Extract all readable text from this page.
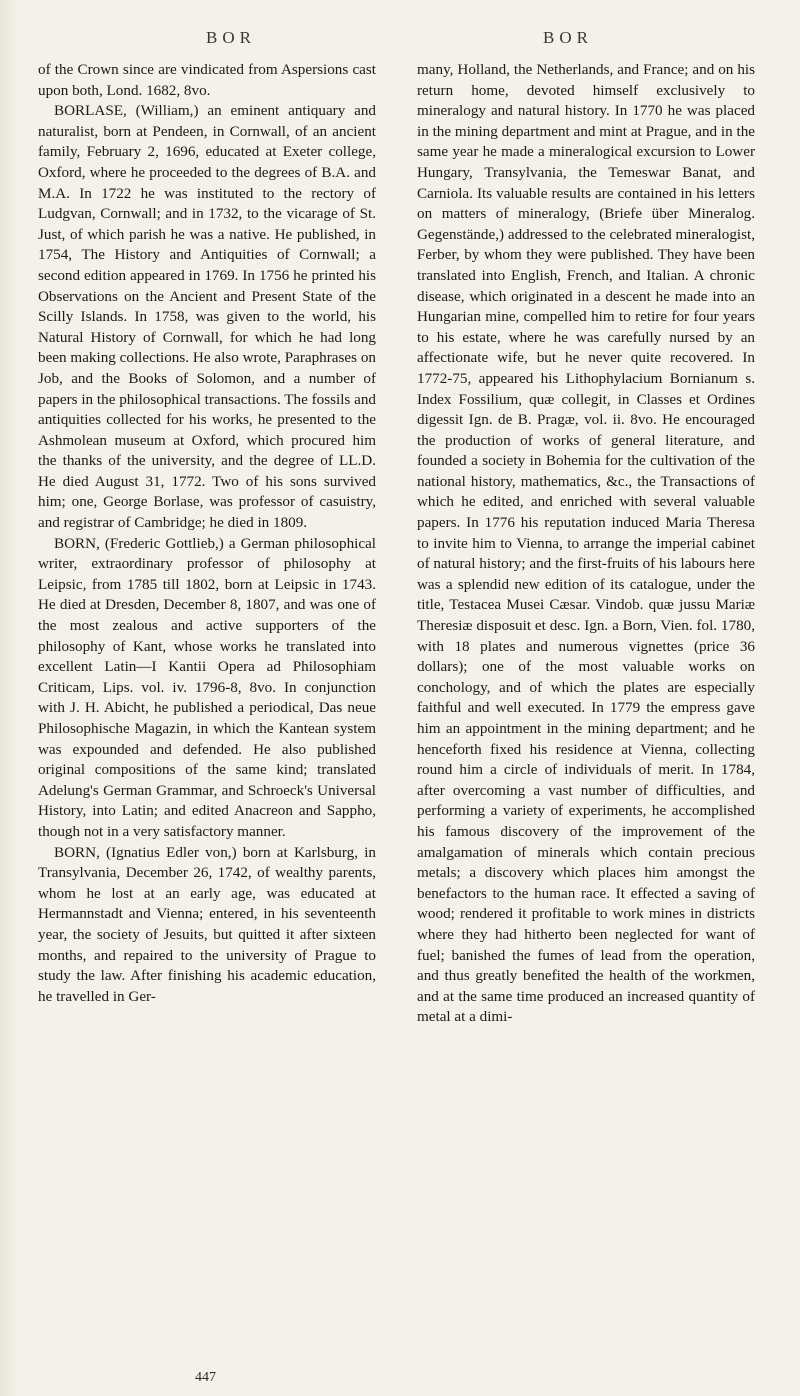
BOR	BOR

of the Crown since are vindicated from Aspersions cast upon both, Lond. 1682, 8vo.

BORLASE, (William,) an eminent antiquary and naturalist, born at Pendeen, in Cornwall, of an ancient family, February 2, 1696, educated at Exeter college, Oxford, where he proceeded to the degrees of B.A. and M.A. In 1722 he was instituted to the rectory of Ludgvan, Cornwall; and in 1732, to the vicarage of St. Just, of which parish he was a native. He published, in 1754, The History and Antiquities of Cornwall; a second edition appeared in 1769. In 1756 he printed his Observations on the Ancient and Present State of the Scilly Islands. In 1758, was given to the world, his Natural History of Cornwall, for which he had long been making collections. He also wrote, Paraphrases on Job, and the Books of Solomon, and a number of papers in the philosophical transactions. The fossils and antiquities collected for his works, he presented to the Ashmolean museum at Oxford, which procured him the thanks of the university, and the degree of LL.D. He died August 31, 1772. Two of his sons survived him; one, George Borlase, was professor of casuistry, and registrar of Cambridge; he died in 1809.

BORN, (Frederic Gottlieb,) a German philosophical writer, extraordinary professor of philosophy at Leipsic, from 1785 till 1802, born at Leipsic in 1743. He died at Dresden, December 8, 1807, and was one of the most zealous and active supporters of the philosophy of Kant, whose works he translated into excellent Latin—I Kantii Opera ad Philosophiam Criticam, Lips. vol. iv. 1796-8, 8vo. In conjunction with J. H. Abicht, he published a periodical, Das neue Philosophische Magazin, in which the Kantean system was expounded and defended. He also published original compositions of the same kind; translated Adelung's German Grammar, and Schroeck's Universal History, into Latin; and edited Anacreon and Sappho, though not in a very satisfactory manner.

BORN, (Ignatius Edler von,) born at Karlsburg, in Transylvania, December 26, 1742, of wealthy parents, whom he lost at an early age, was educated at Hermannstadt and Vienna; entered, in his seventeenth year, the society of Jesuits, but quitted it after sixteen months, and repaired to the university of Prague to study the law. After finishing his academic education, he travelled in Ger-

many, Holland, the Netherlands, and France; and on his return home, devoted himself exclusively to mineralogy and natural history. In 1770 he was placed in the mining department and mint at Prague, and in the same year he made a mineralogical excursion to Lower Hungary, Transylvania, the Temeswar Banat, and Carniola. Its valuable results are contained in his letters on matters of mineralogy, (Briefe über Mineralog. Gegenstände,) addressed to the celebrated mineralogist, Ferber, by whom they were published. They have been translated into English, French, and Italian. A chronic disease, which originated in a descent he made into an Hungarian mine, compelled him to retire for four years to his estate, where he was carefully nursed by an affectionate wife, but he never quite recovered. In 1772-75, appeared his Lithophylacium Bornianum s. Index Fossilium, quæ collegit, in Classes et Ordines digessit Ign. de B. Pragæ, vol. ii. 8vo. He encouraged the production of works of general literature, and founded a society in Bohemia for the cultivation of the national history, mathematics, &c., the Transactions of which he edited, and enriched with several valuable papers. In 1776 his reputation induced Maria Theresa to invite him to Vienna, to arrange the imperial cabinet of natural history; and the first-fruits of his labours here was a splendid new edition of its catalogue, under the title, Testacea Musei Cæsar. Vindob. quæ jussu Mariæ Theresiæ disposuit et desc. Ign. a Born, Vien. fol. 1780, with 18 plates and numerous vignettes (price 36 dollars); one of the most valuable works on conchology, and of which the plates are especially faithful and well executed. In 1779 the empress gave him an appointment in the mining department; and he henceforth fixed his residence at Vienna, collecting round him a circle of individuals of merit. In 1784, after overcoming a vast number of difficulties, and performing a variety of experiments, he accomplished his famous discovery of the improvement of the amalgamation of minerals which contain precious metals; a discovery which places him amongst the benefactors to the human race. It effected a saving of wood; rendered it profitable to work mines in districts where they had hitherto been neglected for want of fuel; banished the fumes of lead from the operation, and thus greatly benefited the health of the workmen, and at the same time produced an increased quantity of metal at a dimi-

447
